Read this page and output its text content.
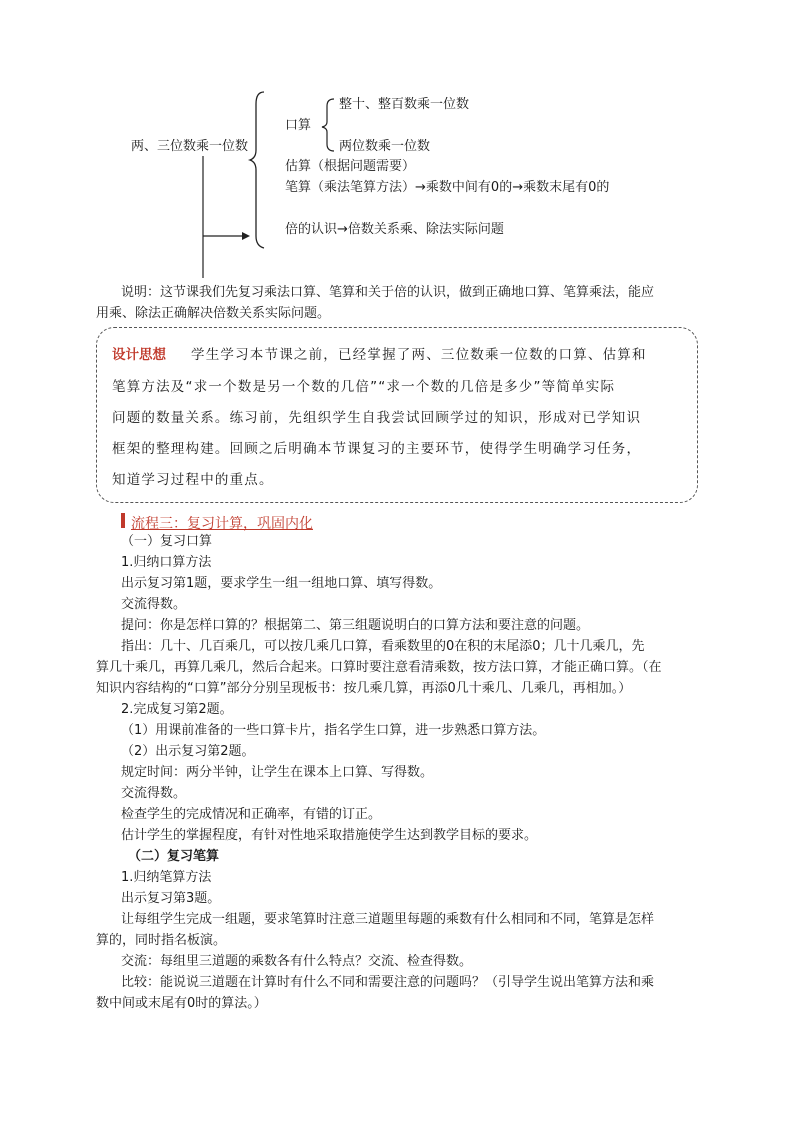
两、三位数乘一位数
口算
整十、整百数乘一位数
两位数乘一位数
估算（根据问题需要）
笔算（乘法笔算方法）→乘数中间有0的→乘数末尾有0的
倍的认识→倍数关系乘、除法实际问题
说明：这节课我们先复习乘法口算、笔算和关于倍的认识，做到正确地口算、笔算乘法，能应
用乘、除法正确解决倍数关系实际问题。
设计思想 学生学习本节课之前，已经掌握了两、三位数乘一位数的口算、估算和
笔算方法及“求一个数是另一个数的几倍”“求一个数的几倍是多少”等简单实际
问题的数量关系。练习前，先组织学生自我尝试回顾学过的知识，形成对已学知识
框架的整理构建。回顾之后明确本节课复习的主要环节，使得学生明确学习任务，
知道学习过程中的重点。
流程三：复习计算，巩固内化
（一）复习口算
1.归纳口算方法
出示复习第1题，要求学生一组一组地口算、填写得数。
交流得数。
提问：你是怎样口算的？根据第二、第三组题说明白的口算方法和要注意的问题。
指出：几十、几百乘几，可以按几乘几口算，看乘数里的0在积的末尾添0；几十几乘几，先
算几十乘几，再算几乘几，然后合起来。口算时要注意看清乘数，按方法口算，才能正确口算。（在
知识内容结构的“口算”部分分别呈现板书：按几乘几算，再添0几十乘几、几乘几，再相加。）
2.完成复习第2题。
（1）用课前准备的一些口算卡片，指名学生口算，进一步熟悉口算方法。
（2）出示复习第2题。
规定时间：两分半钟，让学生在课本上口算、写得数。
交流得数。
检查学生的完成情况和正确率，有错的订正。
估计学生的掌握程度，有针对性地采取措施使学生达到教学目标的要求。
（二）复习笔算
1.归纳笔算方法
出示复习第3题。
让每组学生完成一组题，要求笔算时注意三道题里每题的乘数有什么相同和不同，笔算是怎样
算的，同时指名板演。
交流：每组里三道题的乘数各有什么特点？交流、检查得数。
比较：能说说三道题在计算时有什么不同和需要注意的问题吗？（引导学生说出笔算方法和乘
数中间或末尾有0时的算法。）
